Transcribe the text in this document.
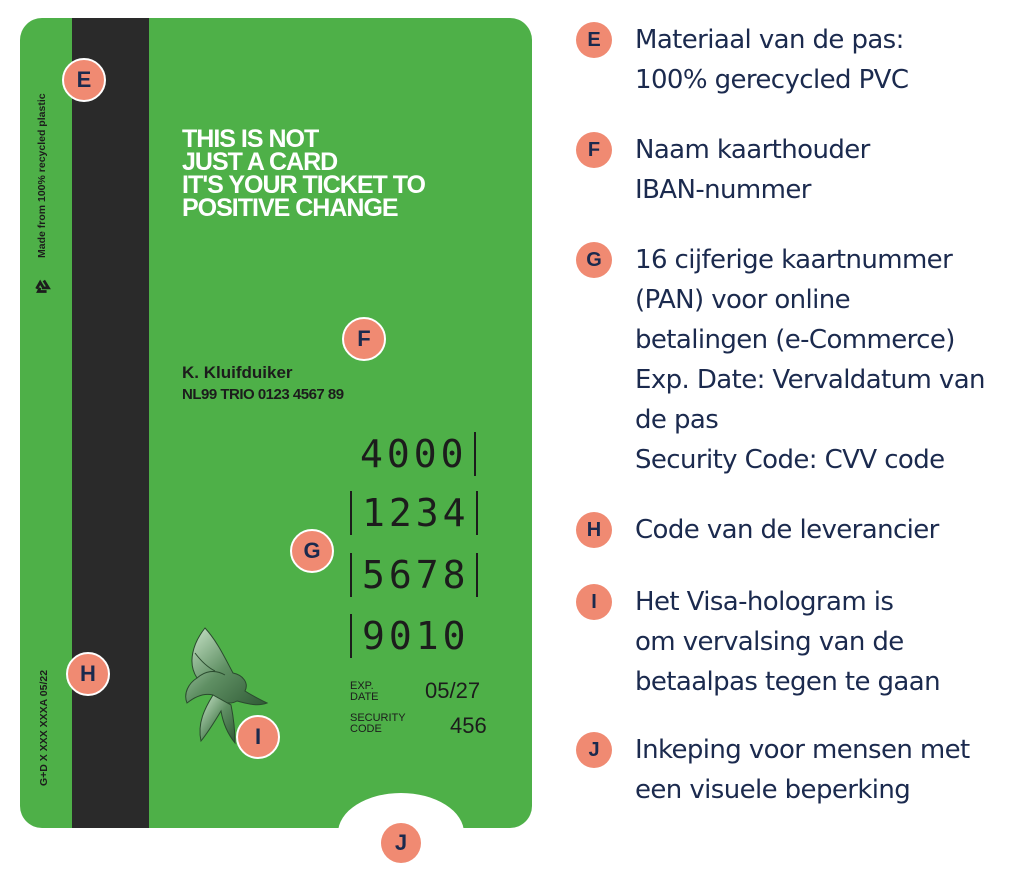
Made from 100% recycled plastic
G+D X XXX XXXA 05/22
THIS IS NOT
JUST A CARD
IT'S YOUR TICKET TO
POSITIVE CHANGE
K. Kluifduiker
NL99 TRIO 0123 4567 89
4000
1234
5678
9010
EXP.
DATE 05/27
SECURITY
CODE	456
E
F
G
H
I
J
E	Materiaal van de pas:
100% gerecycled PVC
F	Naam kaarthouder
IBAN-nummer
G	16 cijferige kaartnummer
(PAN) voor online
betalingen (e-Commerce)
Exp. Date: Vervaldatum van
de pas
Security Code: CVV code
H	Code van de leverancier
I	Het Visa-hologram is
om vervalsing van de
betaalpas tegen te gaan
J	Inkeping voor mensen met
een visuele beperking
